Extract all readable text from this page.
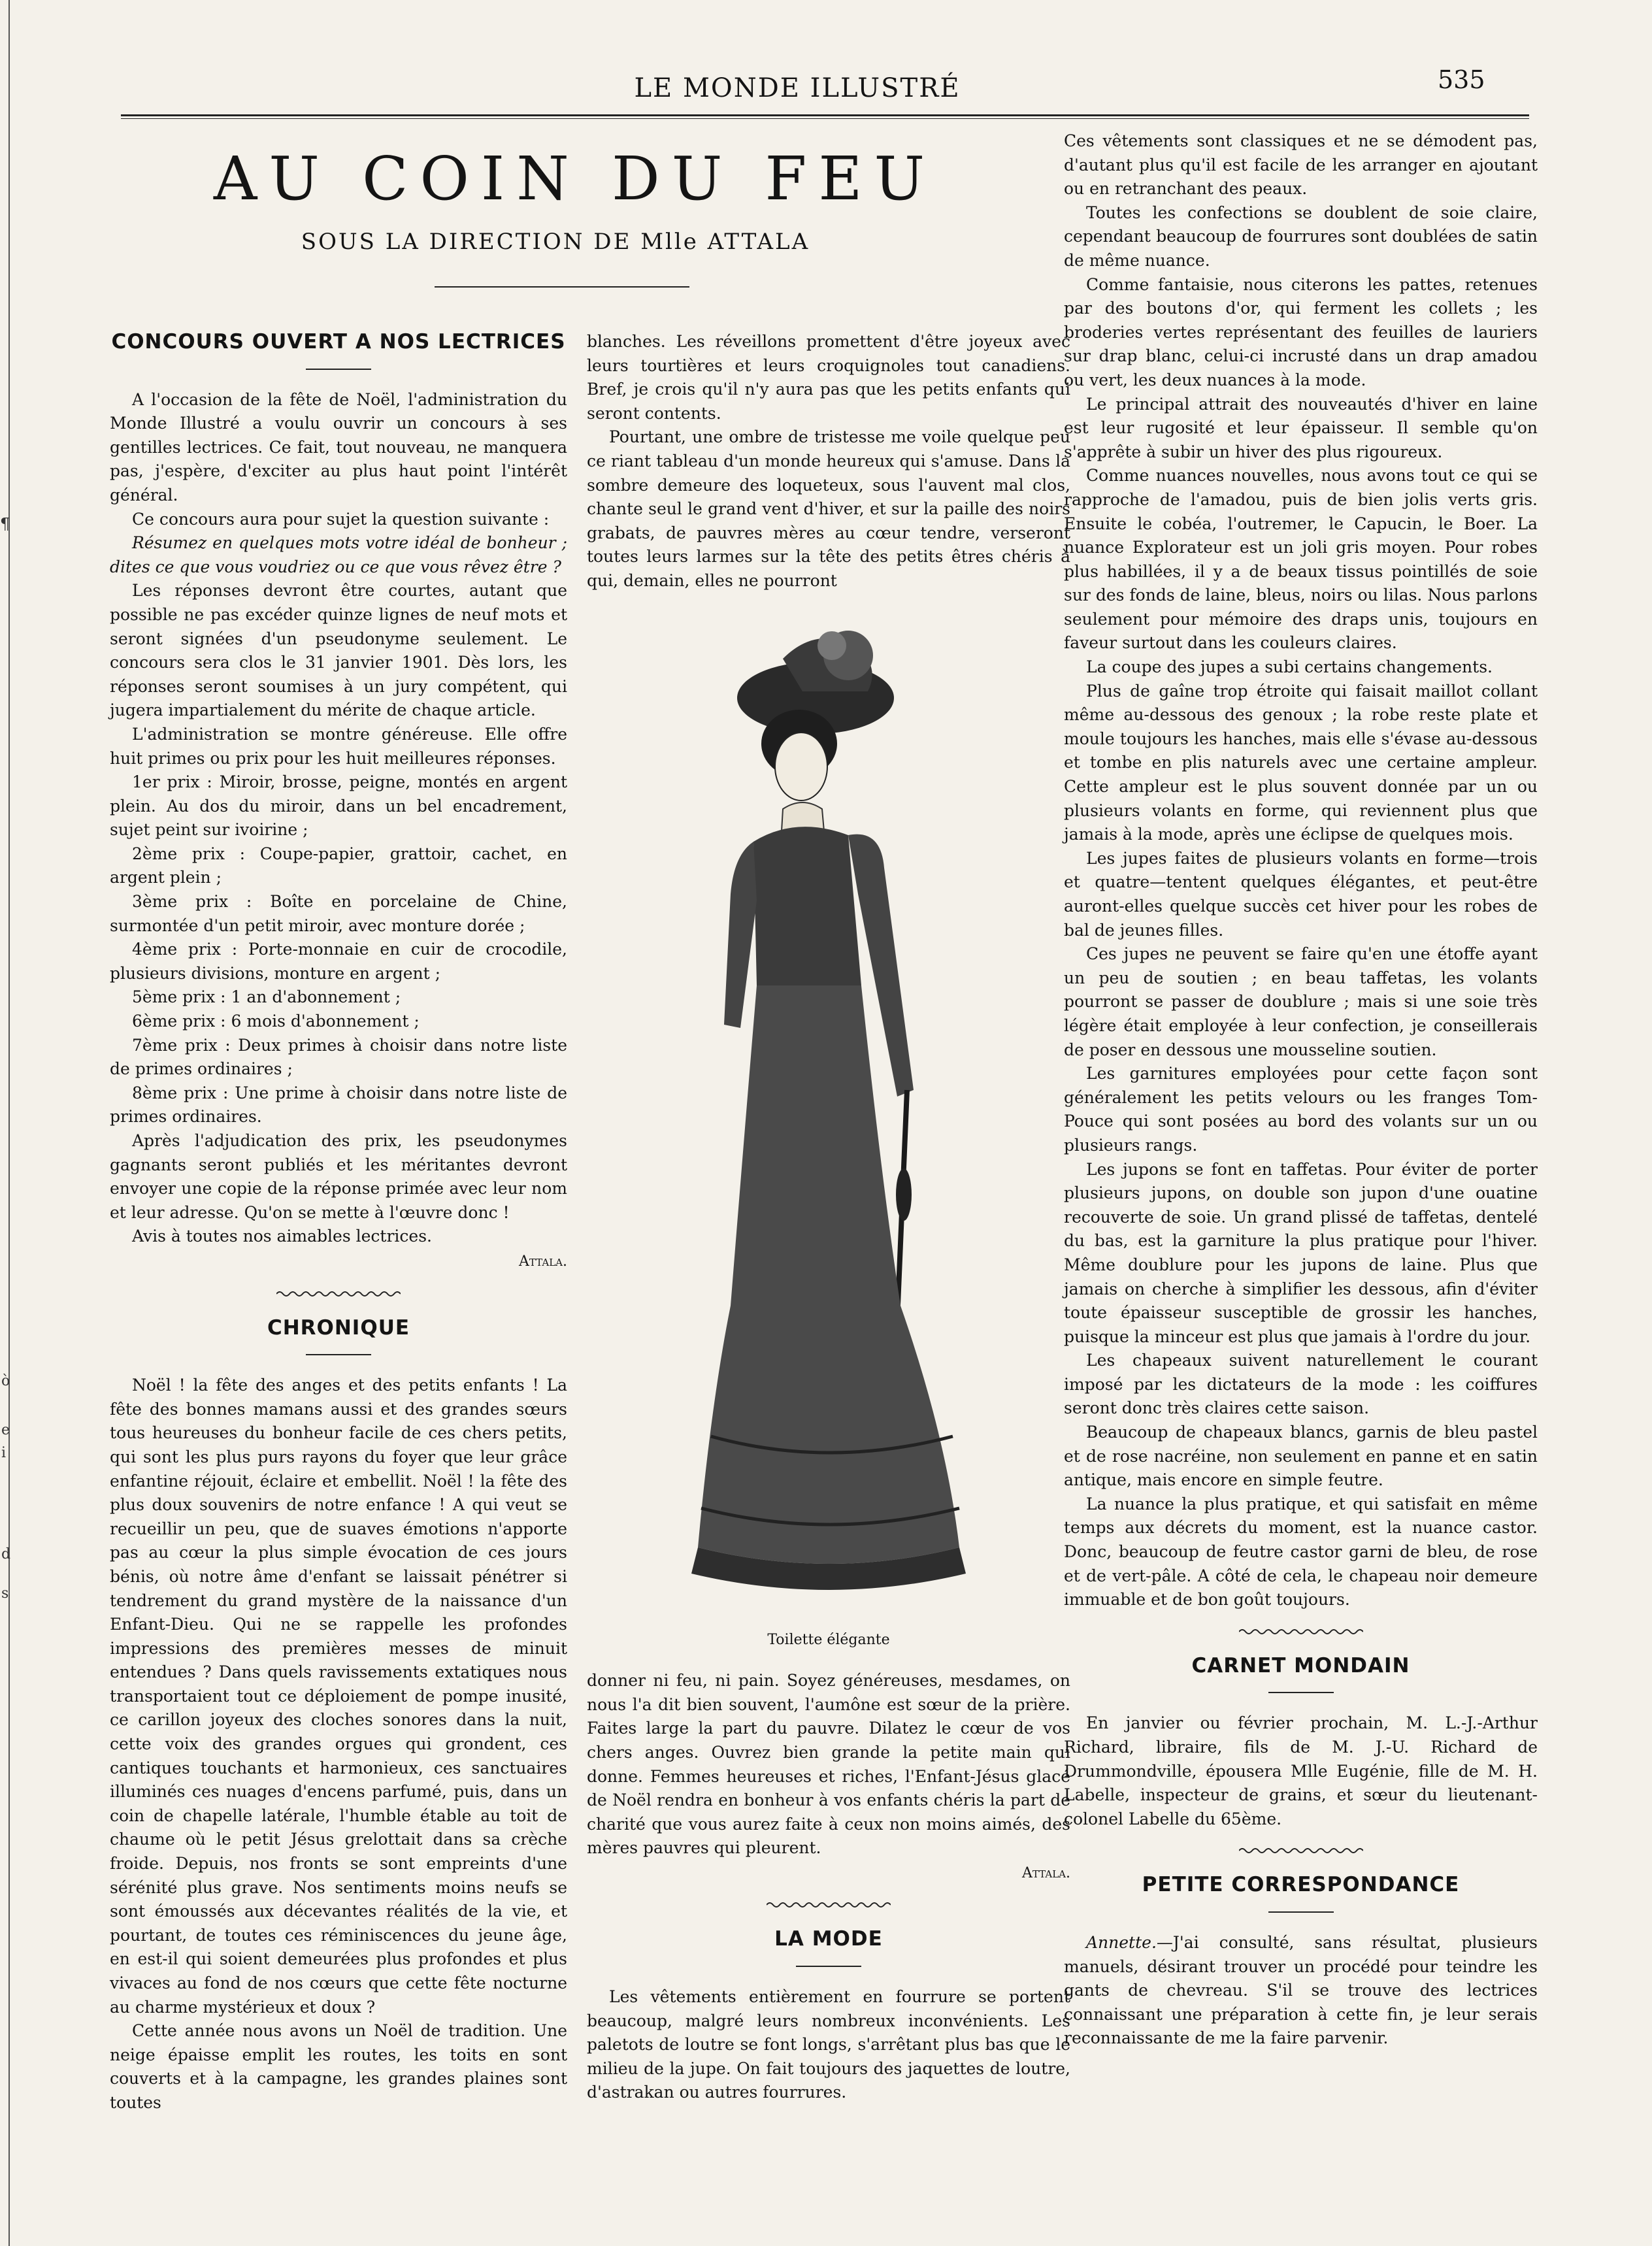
¶
ò
e
i
d
s
LE MONDE ILLUSTRÉ	535
AU COIN DU FEU
SOUS LA DIRECTION DE Mlle ATTALA
CONCOURS OUVERT A NOS LECTRICES

A l'occasion de la fête de Noël, l'administration du Monde Illustré a voulu ouvrir un concours à ses gentilles lectrices. Ce fait, tout nouveau, ne manquera pas, j'espère, d'exciter au plus haut point l'intérêt général.

Ce concours aura pour sujet la question suivante :

Résumez en quelques mots votre idéal de bonheur ; dites ce que vous voudriez ou ce que vous rêvez être ?

Les réponses devront être courtes, autant que possible ne pas excéder quinze lignes de neuf mots et seront signées d'un pseudonyme seulement. Le concours sera clos le 31 janvier 1901. Dès lors, les réponses seront soumises à un jury compétent, qui jugera impartialement du mérite de chaque article.

L'administration se montre généreuse. Elle offre huit primes ou prix pour les huit meilleures réponses.

1er prix : Miroir, brosse, peigne, montés en argent plein. Au dos du miroir, dans un bel encadrement, sujet peint sur ivoirine ;

2ème prix : Coupe-papier, grattoir, cachet, en argent plein ;

3ème prix : Boîte en porcelaine de Chine, surmontée d'un petit miroir, avec monture dorée ;

4ème prix : Porte-monnaie en cuir de crocodile, plusieurs divisions, monture en argent ;

5ème prix : 1 an d'abonnement ;

6ème prix : 6 mois d'abonnement ;

7ème prix : Deux primes à choisir dans notre liste de primes ordinaires ;

8ème prix : Une prime à choisir dans notre liste de primes ordinaires.

Après l'adjudication des prix, les pseudonymes gagnants seront publiés et les méritantes devront envoyer une copie de la réponse primée avec leur nom et leur adresse. Qu'on se mette à l'œuvre donc !

Avis à toutes nos aimables lectrices.

Attala.
CHRONIQUE

Noël ! la fête des anges et des petits enfants ! La fête des bonnes mamans aussi et des grandes sœurs tous heureuses du bonheur facile de ces chers petits, qui sont les plus purs rayons du foyer que leur grâce enfantine réjouit, éclaire et embellit. Noël ! la fête des plus doux souvenirs de notre enfance ! A qui veut se recueillir un peu, que de suaves émotions n'apporte pas au cœur la plus simple évocation de ces jours bénis, où notre âme d'enfant se laissait pénétrer si tendrement du grand mystère de la naissance d'un Enfant-Dieu. Qui ne se rappelle les profondes impressions des premières messes de minuit entendues ? Dans quels ravissements extatiques nous transportaient tout ce déploiement de pompe inusité, ce carillon joyeux des cloches sonores dans la nuit, cette voix des grandes orgues qui grondent, ces cantiques touchants et harmonieux, ces sanctuaires illuminés ces nuages d'encens parfumé, puis, dans un coin de chapelle latérale, l'humble étable au toit de chaume où le petit Jésus grelottait dans sa crèche froide. Depuis, nos fronts se sont empreints d'une sérénité plus grave. Nos sentiments moins neufs se sont émoussés aux décevantes réalités de la vie, et pourtant, de toutes ces réminiscences du jeune âge, en est-il qui soient demeurées plus profondes et plus vivaces au fond de nos cœurs que cette fête nocturne au charme mystérieux et doux ?

Cette année nous avons un Noël de tradition. Une neige épaisse emplit les routes, les toits en sont couverts et à la campagne, les grandes plaines sont toutes

blanches. Les réveillons promettent d'être joyeux avec leurs tourtières et leurs croquignoles tout canadiens. Bref, je crois qu'il n'y aura pas que les petits enfants qui seront contents.

Pourtant, une ombre de tristesse me voile quelque peu ce riant tableau d'un monde heureux qui s'amuse. Dans la sombre demeure des loqueteux, sous l'auvent mal clos, chante seul le grand vent d'hiver, et sur la paille des noirs grabats, de pauvres mères au cœur tendre, verseront toutes leurs larmes sur la tête des petits êtres chéris à qui, demain, elles ne pourront

Toilette élégante

donner ni feu, ni pain. Soyez généreuses, mesdames, on nous l'a dit bien souvent, l'aumône est sœur de la prière. Faites large la part du pauvre. Dilatez le cœur de vos chers anges. Ouvrez bien grande la petite main qui donne. Femmes heureuses et riches, l'Enfant-Jésus glacé de Noël rendra en bonheur à vos enfants chéris la part de charité que vous aurez faite à ceux non moins aimés, des mères pauvres qui pleurent.

Attala.
LA MODE

Les vêtements entièrement en fourrure se portent beaucoup, malgré leurs nombreux inconvénients. Les paletots de loutre se font longs, s'arrêtant plus bas que le milieu de la jupe. On fait toujours des jaquettes de loutre, d'astrakan ou autres fourrures.

Ces vêtements sont classiques et ne se démodent pas, d'autant plus qu'il est facile de les arranger en ajoutant ou en retranchant des peaux.

Toutes les confections se doublent de soie claire, cependant beaucoup de fourrures sont doublées de satin de même nuance.

Comme fantaisie, nous citerons les pattes, retenues par des boutons d'or, qui ferment les collets ; les broderies vertes représentant des feuilles de lauriers sur drap blanc, celui-ci incrusté dans un drap amadou ou vert, les deux nuances à la mode.

Le principal attrait des nouveautés d'hiver en laine est leur rugosité et leur épaisseur. Il semble qu'on s'apprête à subir un hiver des plus rigoureux.

Comme nuances nouvelles, nous avons tout ce qui se rapproche de l'amadou, puis de bien jolis verts gris. Ensuite le cobéa, l'outremer, le Capucin, le Boer. La nuance Explorateur est un joli gris moyen. Pour robes plus habillées, il y a de beaux tissus pointillés de soie sur des fonds de laine, bleus, noirs ou lilas. Nous parlons seulement pour mémoire des draps unis, toujours en faveur surtout dans les couleurs claires.

La coupe des jupes a subi certains changements.

Plus de gaîne trop étroite qui faisait maillot collant même au-dessous des genoux ; la robe reste plate et moule toujours les hanches, mais elle s'évase au-dessous et tombe en plis naturels avec une certaine ampleur. Cette ampleur est le plus souvent donnée par un ou plusieurs volants en forme, qui reviennent plus que jamais à la mode, après une éclipse de quelques mois.

Les jupes faites de plusieurs volants en forme—trois et quatre—tentent quelques élégantes, et peut-être auront-elles quelque succès cet hiver pour les robes de bal de jeunes filles.

Ces jupes ne peuvent se faire qu'en une étoffe ayant un peu de soutien ; en beau taffetas, les volants pourront se passer de doublure ; mais si une soie très légère était employée à leur confection, je conseillerais de poser en dessous une mousseline soutien.

Les garnitures employées pour cette façon sont généralement les petits velours ou les franges Tom-Pouce qui sont posées au bord des volants sur un ou plusieurs rangs.

Les jupons se font en taffetas. Pour éviter de porter plusieurs jupons, on double son jupon d'une ouatine recouverte de soie. Un grand plissé de taffetas, dentelé du bas, est la garniture la plus pratique pour l'hiver. Même doublure pour les jupons de laine. Plus que jamais on cherche à simplifier les dessous, afin d'éviter toute épaisseur susceptible de grossir les hanches, puisque la minceur est plus que jamais à l'ordre du jour.

Les chapeaux suivent naturellement le courant imposé par les dictateurs de la mode : les coiffures seront donc très claires cette saison.

Beaucoup de chapeaux blancs, garnis de bleu pastel et de rose nacréine, non seulement en panne et en satin antique, mais encore en simple feutre.

La nuance la plus pratique, et qui satisfait en même temps aux décrets du moment, est la nuance castor. Donc, beaucoup de feutre castor garni de bleu, de rose et de vert-pâle. A côté de cela, le chapeau noir demeure immuable et de bon goût toujours.

CARNET MONDAIN

En janvier ou février prochain, M. L.-J.-Arthur Richard, libraire, fils de M. J.-U. Richard de Drummondville, épousera Mlle Eugénie, fille de M. H. Labelle, inspecteur de grains, et sœur du lieutenant-colonel Labelle du 65ème.

PETITE CORRESPONDANCE

Annette.—J'ai consulté, sans résultat, plusieurs manuels, désirant trouver un procédé pour teindre les gants de chevreau. S'il se trouve des lectrices connaissant une préparation à cette fin, je leur serais reconnaissante de me la faire parvenir.
